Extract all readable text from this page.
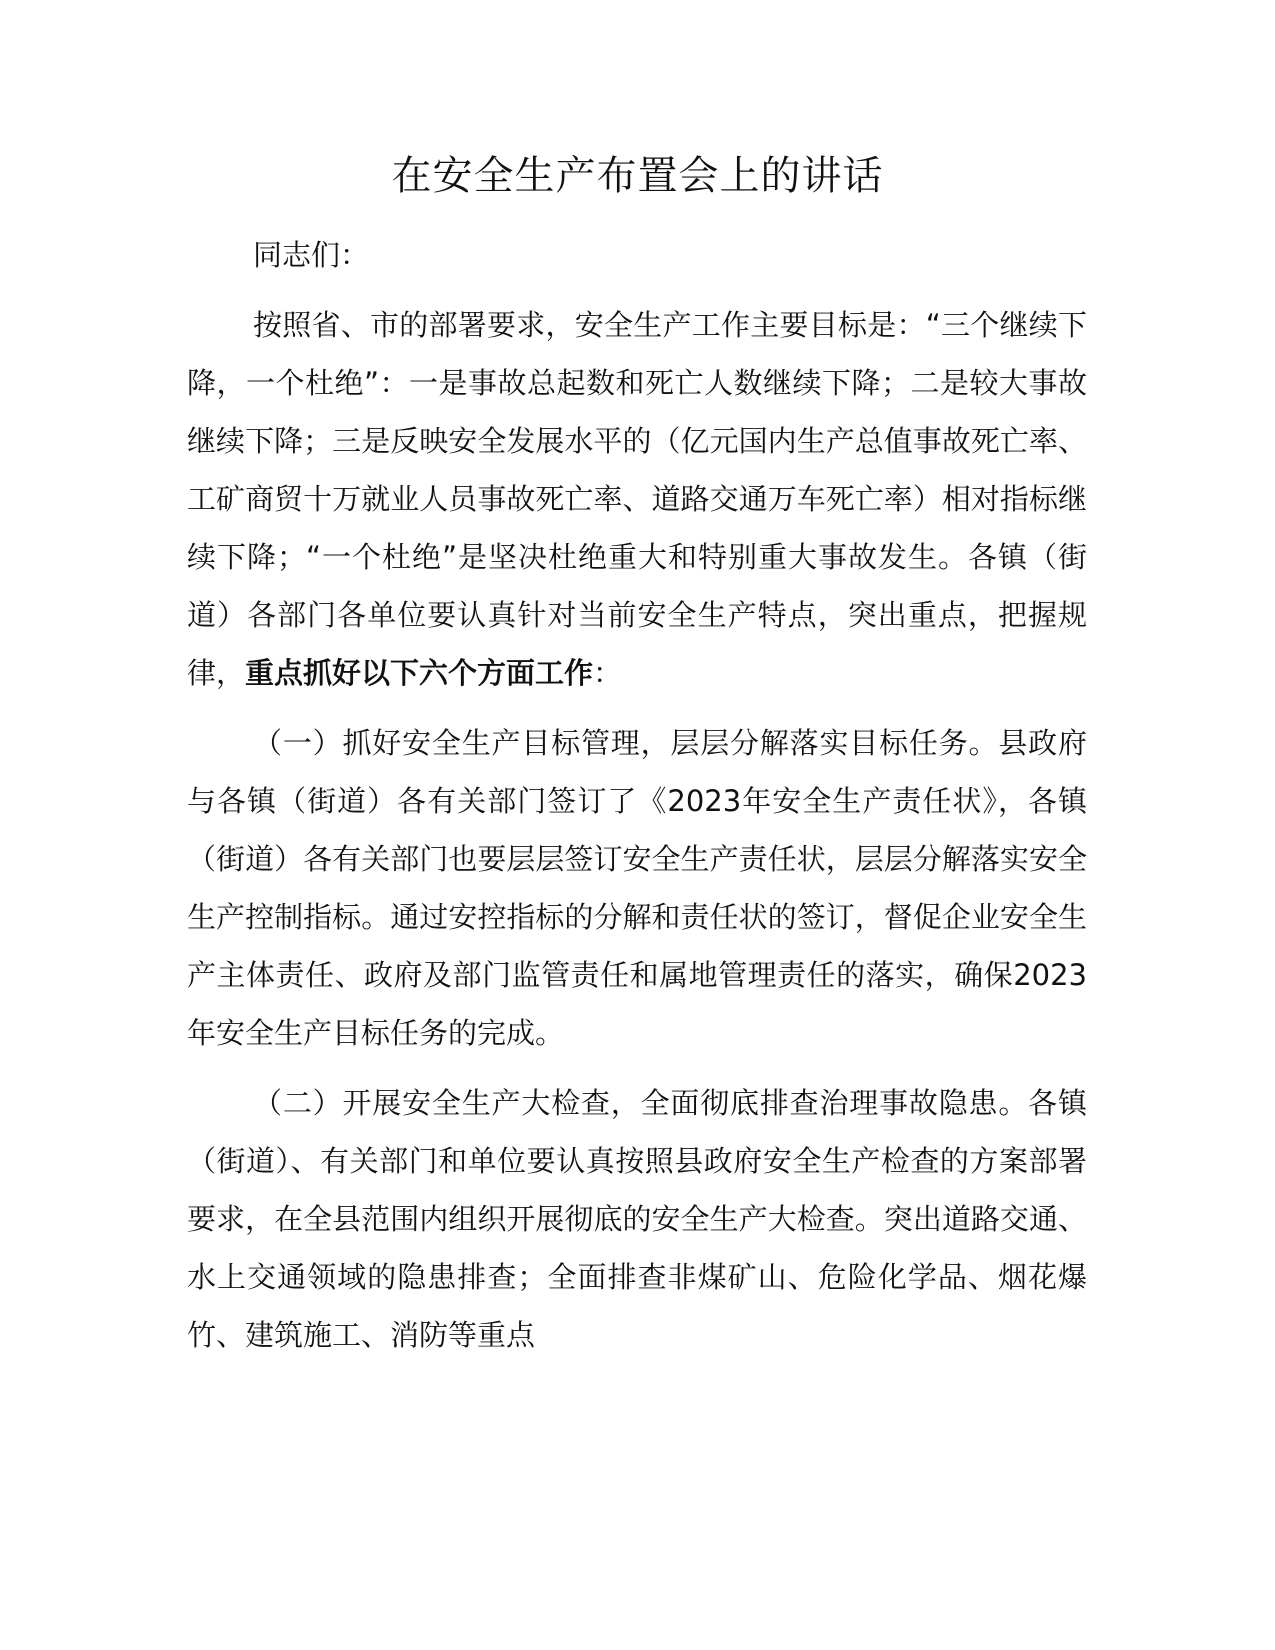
在安全生产布置会上的讲话

同志们：

按照省、市的部署要求，安全生产工作主要目标是：“三个继续下降，一个杜绝”：一是事故总起数和死亡人数继续下降；二是较大事故继续下降；三是反映安全发展水平的（亿元国内生产总值事故死亡率、工矿商贸十万就业人员事故死亡率、道路交通万车死亡率）相对指标继续下降；“一个杜绝”是坚决杜绝重大和特别重大事故发生。各镇（街道）各部门各单位要认真针对当前安全生产特点，突出重点，把握规律，重点抓好以下六个方面工作：

（一）抓好安全生产目标管理，层层分解落实目标任务。县政府与各镇（街道）各有关部门签订了《2023年安全生产责任状》，各镇（街道）各有关部门也要层层签订安全生产责任状，层层分解落实安全生产控制指标。通过安控指标的分解和责任状的签订，督促企业安全生产主体责任、政府及部门监管责任和属地管理责任的落实，确保2023年安全生产目标任务的完成。

（二）开展安全生产大检查，全面彻底排查治理事故隐患。各镇（街道）、有关部门和单位要认真按照县政府安全生产检查的方案部署要求，在全县范围内组织开展彻底的安全生产大检查。突出道路交通、水上交通领域的隐患排查；全面排查非煤矿山、危险化学品、烟花爆竹、建筑施工、消防等重点
